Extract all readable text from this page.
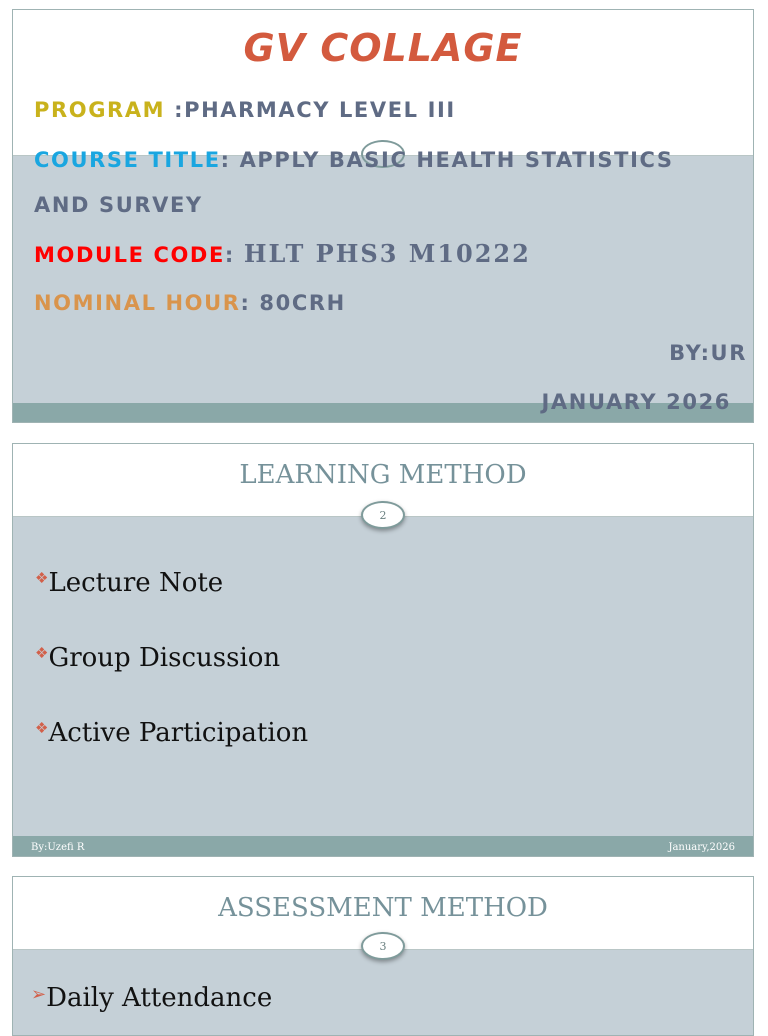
GV COLLAGE
PROGRAM :PHARMACY LEVEL III
COURSE TITLE: APPLY BASIC HEALTH STATISTICS
AND SURVEY
MODULE CODE: HLT PHS3 M10222
NOMINAL HOUR: 80CRH
BY:UR
JANUARY 2026
LEARNING METHOD
2
❖Lecture Note
❖Group Discussion
❖Active Participation
By:Uzefi R	January,2026
ASSESSMENT METHOD
3
➢Daily Attendance
